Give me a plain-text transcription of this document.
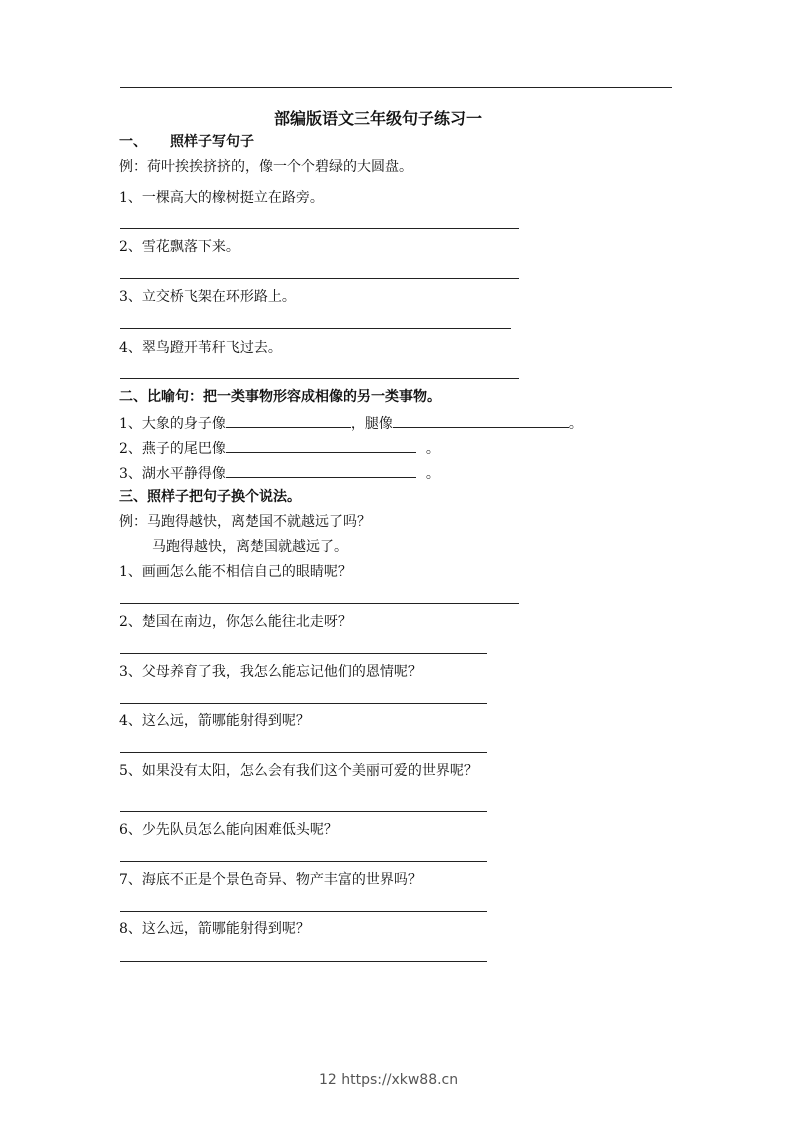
部编版语文三年级句子练习一
一、 照样子写句子
例：荷叶挨挨挤挤的，像一个个碧绿的大圆盘。
1、一棵高大的橡树挺立在路旁。
2、雪花飘落下来。
3、立交桥飞架在环形路上。
4、翠鸟蹬开苇秆飞过去。
二、比喻句：把一类事物形容成相像的另一类事物。
1、大象的身子像	，腿像	。
2、燕子的尾巴像	。
3、湖水平静得像	。
三、照样子把句子换个说法。
例：马跑得越快，离楚国不就越远了吗？
马跑得越快，离楚国就越远了。
1、画画怎么能不相信自己的眼睛呢？
2、楚国在南边，你怎么能往北走呀？
3、父母养育了我，我怎么能忘记他们的恩情呢？
4、这么远，箭哪能射得到呢？
5、如果没有太阳，怎么会有我们这个美丽可爱的世界呢？
6、少先队员怎么能向困难低头呢？
7、海底不正是个景色奇异、物产丰富的世界吗？
8、这么远，箭哪能射得到呢？
12 https://xkw88.cn
